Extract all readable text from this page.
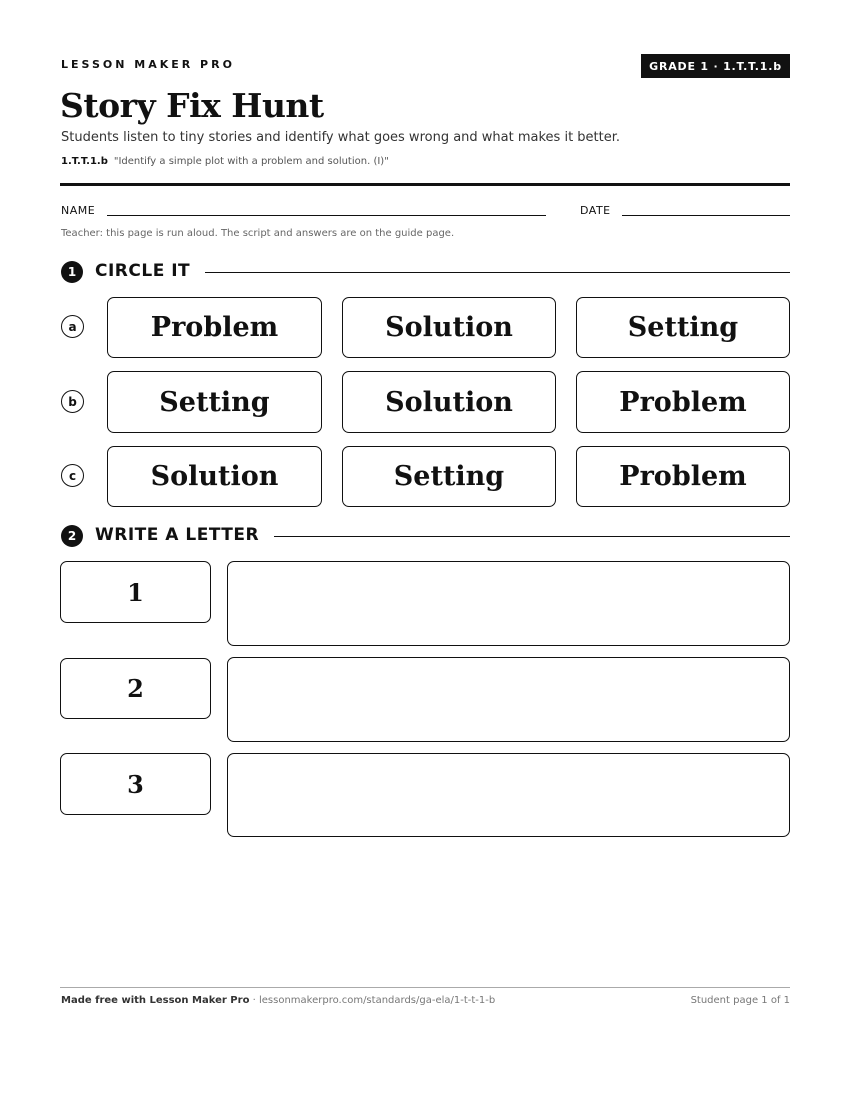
LESSON MAKER PRO	GRADE 1 · 1.T.T.1.b
Story Fix Hunt
Students listen to tiny stories and identify what goes wrong and what makes it better.
1.T.T.1.b "Identify a simple plot with a problem and solution. (I)"
NAME	DATE
Teacher: this page is run aloud. The script and answers are on the guide page.
1	CIRCLE IT
a	Problem	Solution	Setting
b	Setting	Solution	Problem
c	Solution	Setting	Problem
2	WRITE A LETTER
1
2
3
Made free with Lesson Maker Pro · lessonmakerpro.com/standards/ga-ela/1-t-t-1-b	Student page 1 of 1
